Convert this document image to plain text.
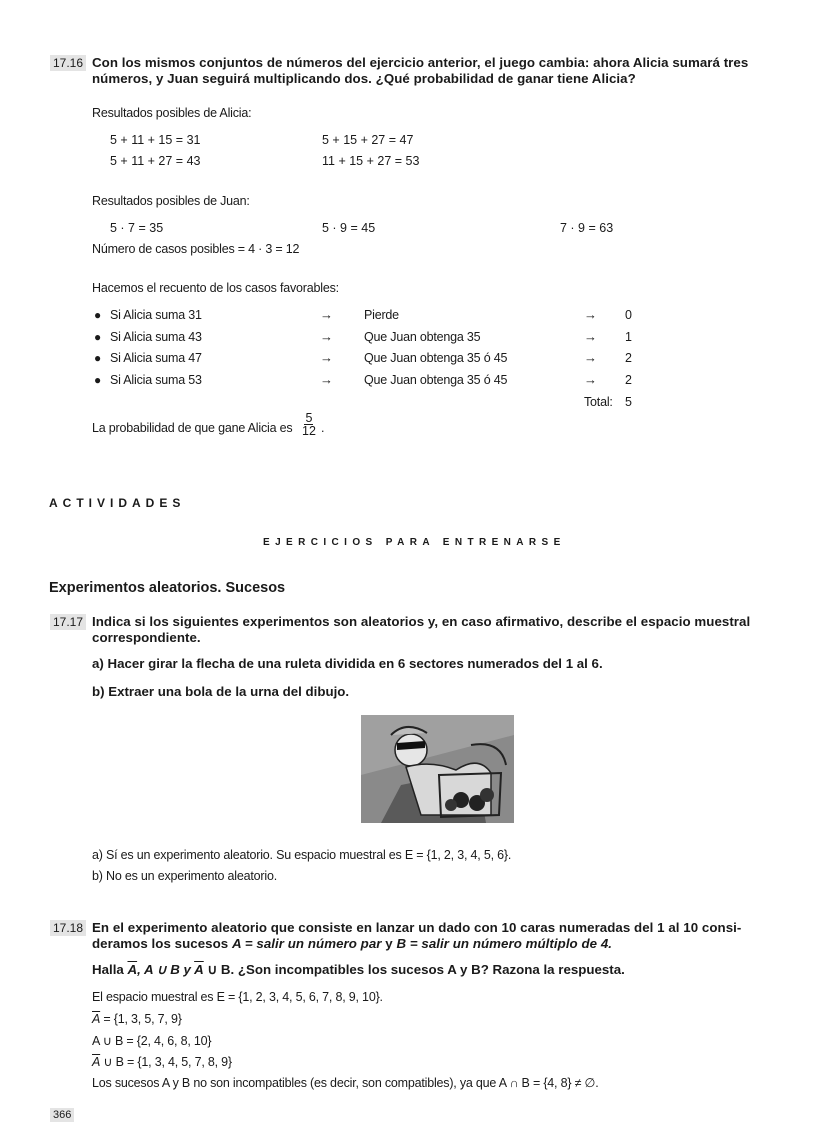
17.16 Con los mismos conjuntos de números del ejercicio anterior, el juego cambia: ahora Alicia sumará tres
números, y Juan seguirá multiplicando dos. ¿Qué probabilidad de ganar tiene Alicia?
Resultados posibles de Alicia:
5 + 11 + 15 = 31	5 + 15 + 27 = 47
5 + 11 + 27 = 43	11 + 15 + 27 = 53
Resultados posibles de Juan:
5 · 7 = 35	5 · 9 = 45	7 · 9 = 63
Número de casos posibles = 4 · 3 = 12
Hacemos el recuento de los casos favorables:
● Si Alicia suma 31	→ Pierde	→ 0
● Si Alicia suma 43	→ Que Juan obtenga 35	→ 1
● Si Alicia suma 47	→ Que Juan obtenga 35 ó 45	→ 2
● Si Alicia suma 53	→ Que Juan obtenga 35 ó 45	→ 2
Total: 5
La probabilidad de que gane Alicia es $\frac{5}{12}$ .
ACTIVIDADES
EJERCICIOS PARA ENTRENARSE
Experimentos aleatorios. Sucesos
17.17 Indica si los siguientes experimentos son aleatorios y, en caso afirmativo, describe el espacio muestral
correspondiente.
a) Hacer girar la flecha de una ruleta dividida en 6 sectores numerados del 1 al 6.
b) Extraer una bola de la urna del dibujo.
a) Sí es un experimento aleatorio. Su espacio muestral es E = {1, 2, 3, 4, 5, 6}.
b) No es un experimento aleatorio.
17.18 En el experimento aleatorio que consiste en lanzar un dado con 10 caras numeradas del 1 al 10 consi-
deramos los sucesos A = salir un número par y B = salir un número múltiplo de 4.
Halla $\overline{A}$, A ∪ B y $\overline{A}$ ∪ B. ¿Son incompatibles los sucesos A y B? Razona la respuesta.
El espacio muestral es E = {1, 2, 3, 4, 5, 6, 7, 8, 9, 10}.
$\overline{A} = \{1$, 3, 5, 7, 9}
A ∪ B = {2, 4, 6, 8, 10}
$\overline{A}$ ∪ B = {1, 3, 4, 5, 7, 8, 9}
Los sucesos A y B no son incompatibles (es decir, son compatibles), ya que A ∩ B = {4, 8} ≠ ∅.
366
